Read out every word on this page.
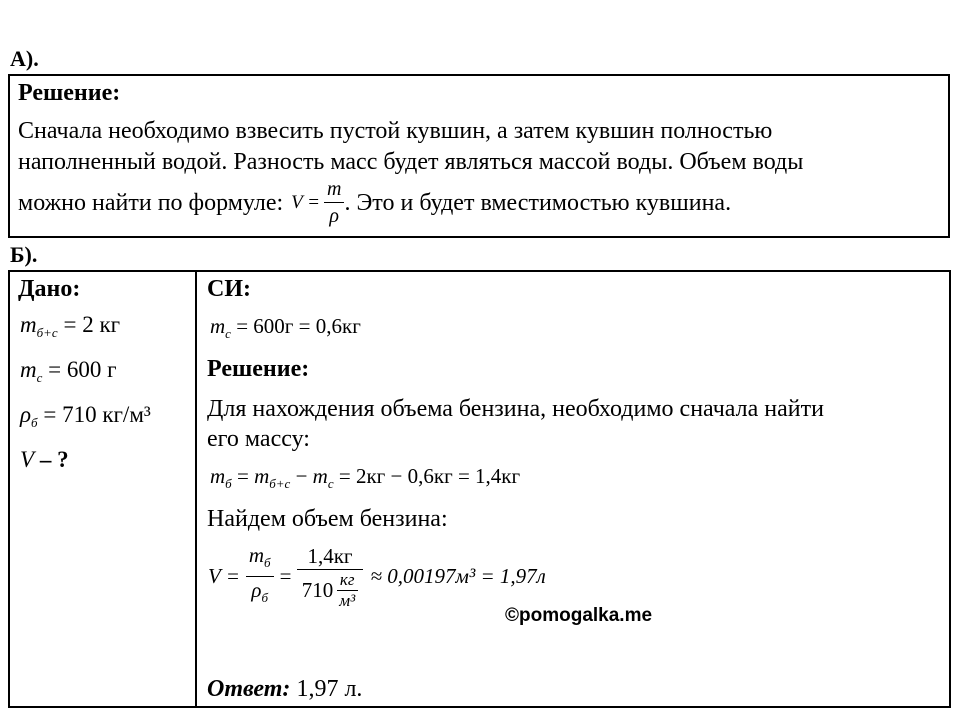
А).
Решение:
Сначала необходимо взвесить пустой кувшин, а затем кувшин полностью
наполненный водой. Разность масс будет являться массой воды. Объем воды
можно найти по формуле: $V = \frac{m}{\rho}$ . Это и будет вместимостью кувшина.
Б).
Дано:
$m_{б+с} = 2$ кг
$m_с = 600$ г
$\rho_б = 710$ кг/м³
V – ?
СИ:
$m_с = 600г = 0,6кг$
Решение:
Для нахождения объема бензина, необходимо сначала найти
его массу:
$m_б = m_{б+с} - m_с = 2кг - 0,6кг = 1,4кг$
Найдем объем бензина:
$V = \frac{m_б}{\rho_б} = \frac{1,4кг}{710 \frac{кг}{\text{м³}}} \approx 0,00197м^3 = 1,97л$
©pomogalka.me
Ответ: 1,97 л.
